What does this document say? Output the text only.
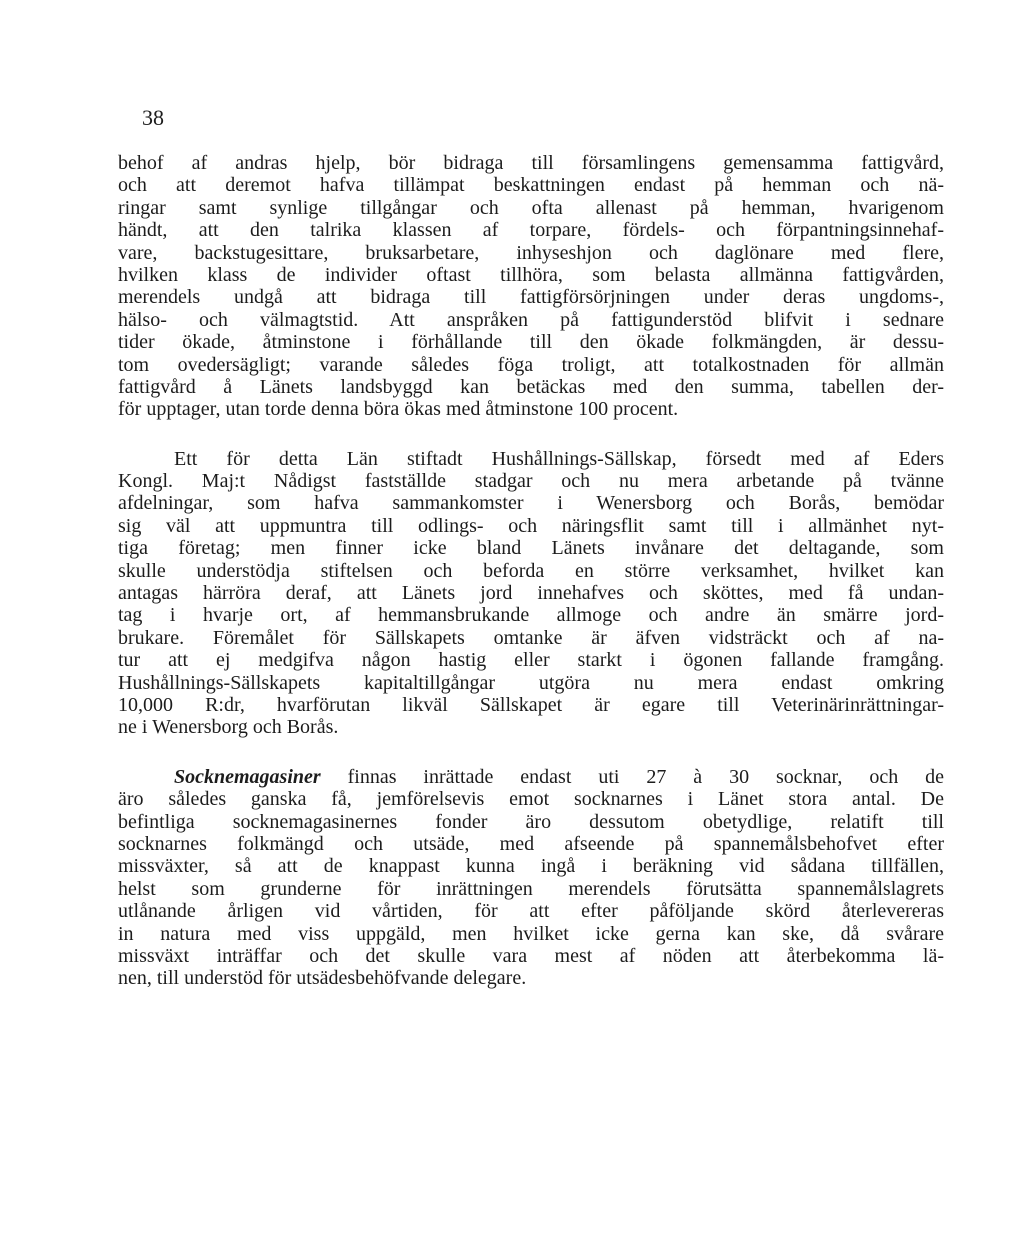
38
behof af andras hjelp, bör bidraga till församlingens gemensamma fattigvård,
och att deremot hafva tillämpat beskattningen endast på hemman och nä-
ringar samt synlige tillgångar och ofta allenast på hemman, hvarigenom
händt, att den talrika klassen af torpare, fördels- och förpantningsinnehaf-
vare, backstugesittare, bruksarbetare, inhyseshjon och daglönare med flere,
hvilken klass de individer oftast tillhöra, som belasta allmänna fattigvården,
merendels undgå att bidraga till fattigförsörjningen under deras ungdoms-,
hälso- och välmagtstid. Att anspråken på fattigunderstöd blifvit i sednare
tider ökade, åtminstone i förhållande till den ökade folkmängden, är dessu-
tom ovedersägligt; varande således föga troligt, att totalkostnaden för allmän
fattigvård å Länets landsbyggd kan betäckas med den summa, tabellen der-
för upptager, utan torde denna böra ökas med åtminstone 100 procent.
Ett för detta Län stiftadt Hushållnings-Sällskap, försedt med af Eders
Kongl. Maj:t Nådigst fastställde stadgar och nu mera arbetande på tvänne
afdelningar, som hafva sammankomster i Wenersborg och Borås, bemödar
sig väl att uppmuntra till odlings- och näringsflit samt till i allmänhet nyt-
tiga företag; men finner icke bland Länets invånare det deltagande, som
skulle understödja stiftelsen och beforda en större verksamhet, hvilket kan
antagas härröra deraf, att Länets jord innehafves och sköttes, med få undan-
tag i hvarje ort, af hemmansbrukande allmoge och andre än smärre jord-
brukare. Föremålet för Sällskapets omtanke är äfven vidsträckt och af na-
tur att ej medgifva någon hastig eller starkt i ögonen fallande framgång.
Hushållnings-Sällskapets kapitaltillgångar utgöra nu mera endast omkring
10,000 R:dr, hvarförutan likväl Sällskapet är egare till Veterinärinrättningar-
ne i Wenersborg och Borås.
Socknemagasiner finnas inrättade endast uti 27 à 30 socknar, och de
äro således ganska få, jemförelsevis emot socknarnes i Länet stora antal. De
befintliga socknemagasinernes fonder äro dessutom obetydlige, relatift till
socknarnes folkmängd och utsäde, med afseende på spannemålsbehofvet efter
missväxter, så att de knappast kunna ingå i beräkning vid sådana tillfällen,
helst som grunderne för inrättningen merendels förutsätta spannemålslagrets
utlånande årligen vid vårtiden, för att efter påföljande skörd återlevereras
in natura med viss uppgäld, men hvilket icke gerna kan ske, då svårare
missväxt inträffar och det skulle vara mest af nöden att återbekomma lä-
nen, till understöd för utsädesbehöfvande delegare.
